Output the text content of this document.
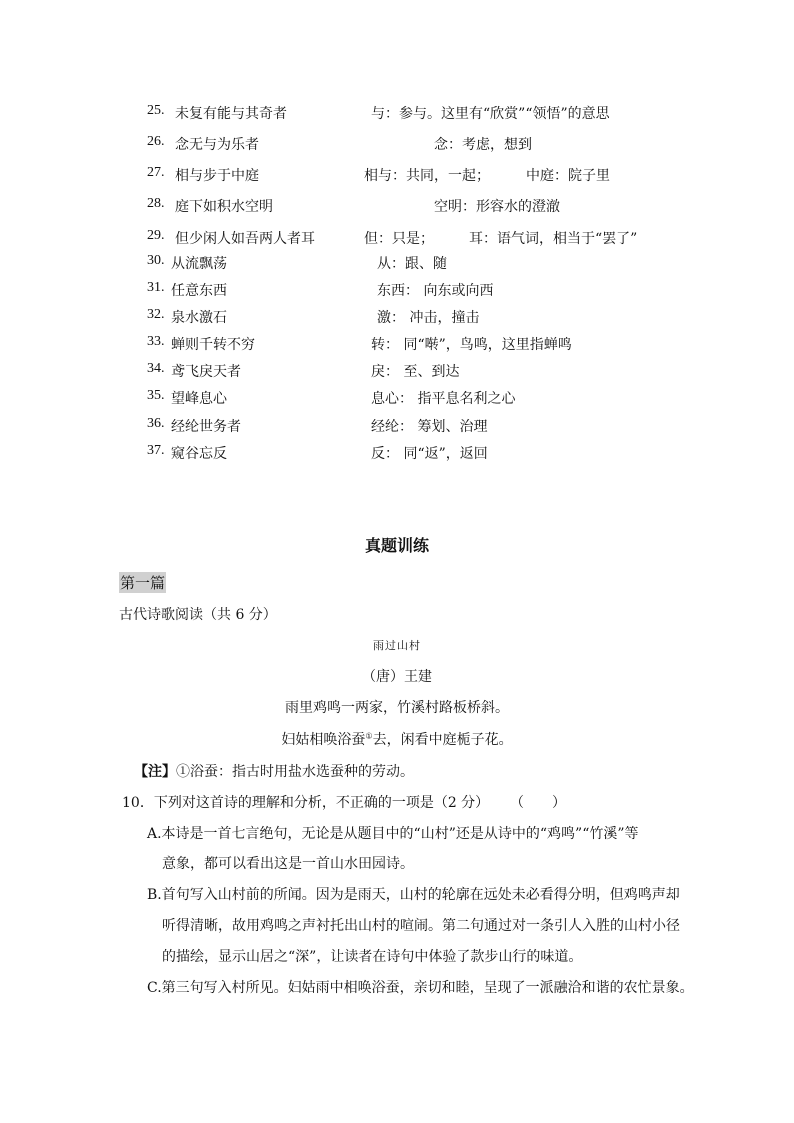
25. 未复有能与其奇者	与：参与。这里有“欣赏”“领悟”的意思
26. 念无与为乐者	念：考虑，想到
27. 相与步于中庭	相与：共同，一起；	中庭：院子里
28. 庭下如积水空明	空明：形容水的澄澈
29. 但少闲人如吾两人者耳	但：只是；	耳：语气词，相当于“罢了”
30. 从流飘荡	从：跟、随
31. 任意东西	东西： 向东或向西
32. 泉水激石	激： 冲击，撞击
33. 蝉则千转不穷	转： 同“啭”，鸟鸣，这里指蝉鸣
34. 鸢飞戾天者	戾： 至、到达
35. 望峰息心	息心： 指平息名利之心
36. 经纶世务者	经纶： 筹划、治理
37. 窥谷忘反	反： 同“返”，返回
真题训练
第一篇
古代诗歌阅读（共 6 分）
雨过山村
（唐）王建
雨里鸡鸣一两家，竹溪村路板桥斜。
妇姑相唤浴蚕①去，闲看中庭栀子花。
【注】①浴蚕：指古时用盐水选蚕种的劳动。
10．下列对这首诗的理解和分析，不正确的一项是（2 分） （　　）
A.本诗是一首七言绝句，无论是从题目中的“山村”还是从诗中的“鸡鸣”“竹溪”等
意象，都可以看出这是一首山水田园诗。
B.首句写入山村前的所闻。因为是雨天，山村的轮廓在远处未必看得分明，但鸡鸣声却
听得清晰，故用鸡鸣之声衬托出山村的喧闹。第二句通过对一条引人入胜的山村小径
的描绘，显示山居之“深”，让读者在诗句中体验了款步山行的味道。
C.第三句写入村所见。妇姑雨中相唤浴蚕，亲切和睦，呈现了一派融洽和谐的农忙景象。
